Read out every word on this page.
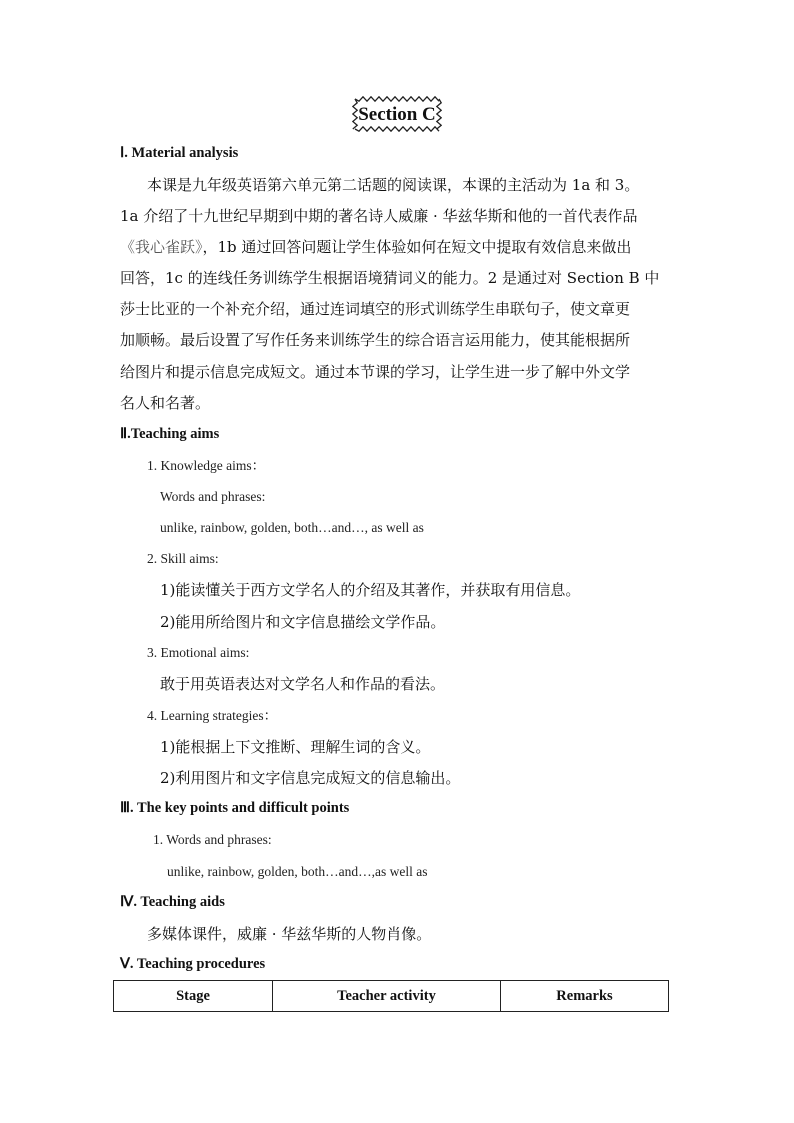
Section C
Ⅰ. Material analysis
本课是九年级英语第六单元第二话题的阅读课，本课的主活动为 1a 和 3。
1a 介绍了十九世纪早期到中期的著名诗人威廉 · 华兹华斯和他的一首代表作品
《我心雀跃》，1b 通过回答问题让学生体验如何在短文中提取有效信息来做出
回答，1c 的连线任务训练学生根据语境猜词义的能力。2 是通过对 Section B 中
莎士比亚的一个补充介绍，通过连词填空的形式训练学生串联句子，使文章更
加顺畅。最后设置了写作任务来训练学生的综合语言运用能力，使其能根据所
给图片和提示信息完成短文。通过本节课的学习，让学生进一步了解中外文学
名人和名著。
Ⅱ.Teaching aims
1. Knowledge aims：
Words and phrases:
unlike, rainbow, golden, both…and…, as well as
2. Skill aims:
1)能读懂关于西方文学名人的介绍及其著作，并获取有用信息。
2)能用所给图片和文字信息描绘文学作品。
3. Emotional aims:
敢于用英语表达对文学名人和作品的看法。
4. Learning strategies：
1)能根据上下文推断、理解生词的含义。
2)利用图片和文字信息完成短文的信息输出。
Ⅲ. The key points and difficult points
1. Words and phrases:
unlike, rainbow, golden, both…and…,as well as
Ⅳ. Teaching aids
多媒体课件，威廉 · 华兹华斯的人物肖像。
Ⅴ. Teaching procedures
Stage	Teacher activity	Remarks
